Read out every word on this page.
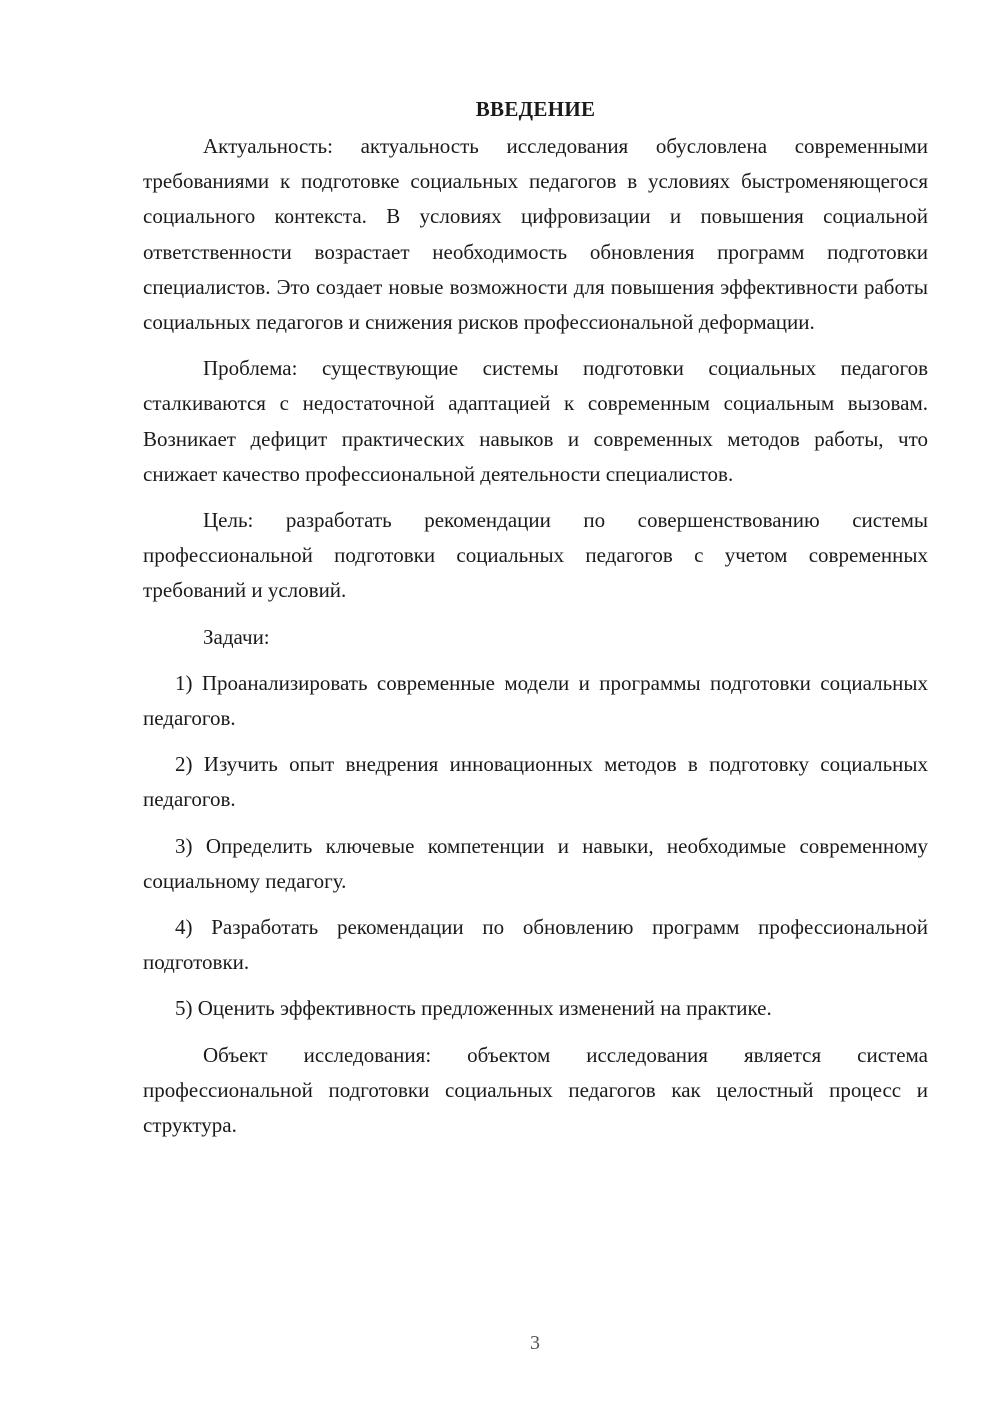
ВВЕДЕНИЕ

Актуальность: актуальность исследования обусловлена современными требованиями к подготовке социальных педагогов в условиях быстроменяющегося социального контекста. В условиях цифровизации и повышения социальной ответственности возрастает необходимость обновления программ подготовки специалистов. Это создает новые возможности для повышения эффективности работы социальных педагогов и снижения рисков профессиональной деформации.

Проблема: существующие системы подготовки социальных педагогов сталкиваются с недостаточной адаптацией к современным социальным вызовам. Возникает дефицит практических навыков и современных методов работы, что снижает качество профессиональной деятельности специалистов.

Цель: разработать рекомендации по совершенствованию системы профессиональной подготовки социальных педагогов с учетом современных требований и условий.

Задачи:

1) Проанализировать современные модели и программы подготовки социальных педагогов.

2) Изучить опыт внедрения инновационных методов в подготовку социальных педагогов.

3) Определить ключевые компетенции и навыки, необходимые современному социальному педагогу.

4) Разработать рекомендации по обновлению программ профессиональной подготовки.

5) Оценить эффективность предложенных изменений на практике.

Объект исследования: объектом исследования является система профессиональной подготовки социальных педагогов как целостный процесс и структура.

3
